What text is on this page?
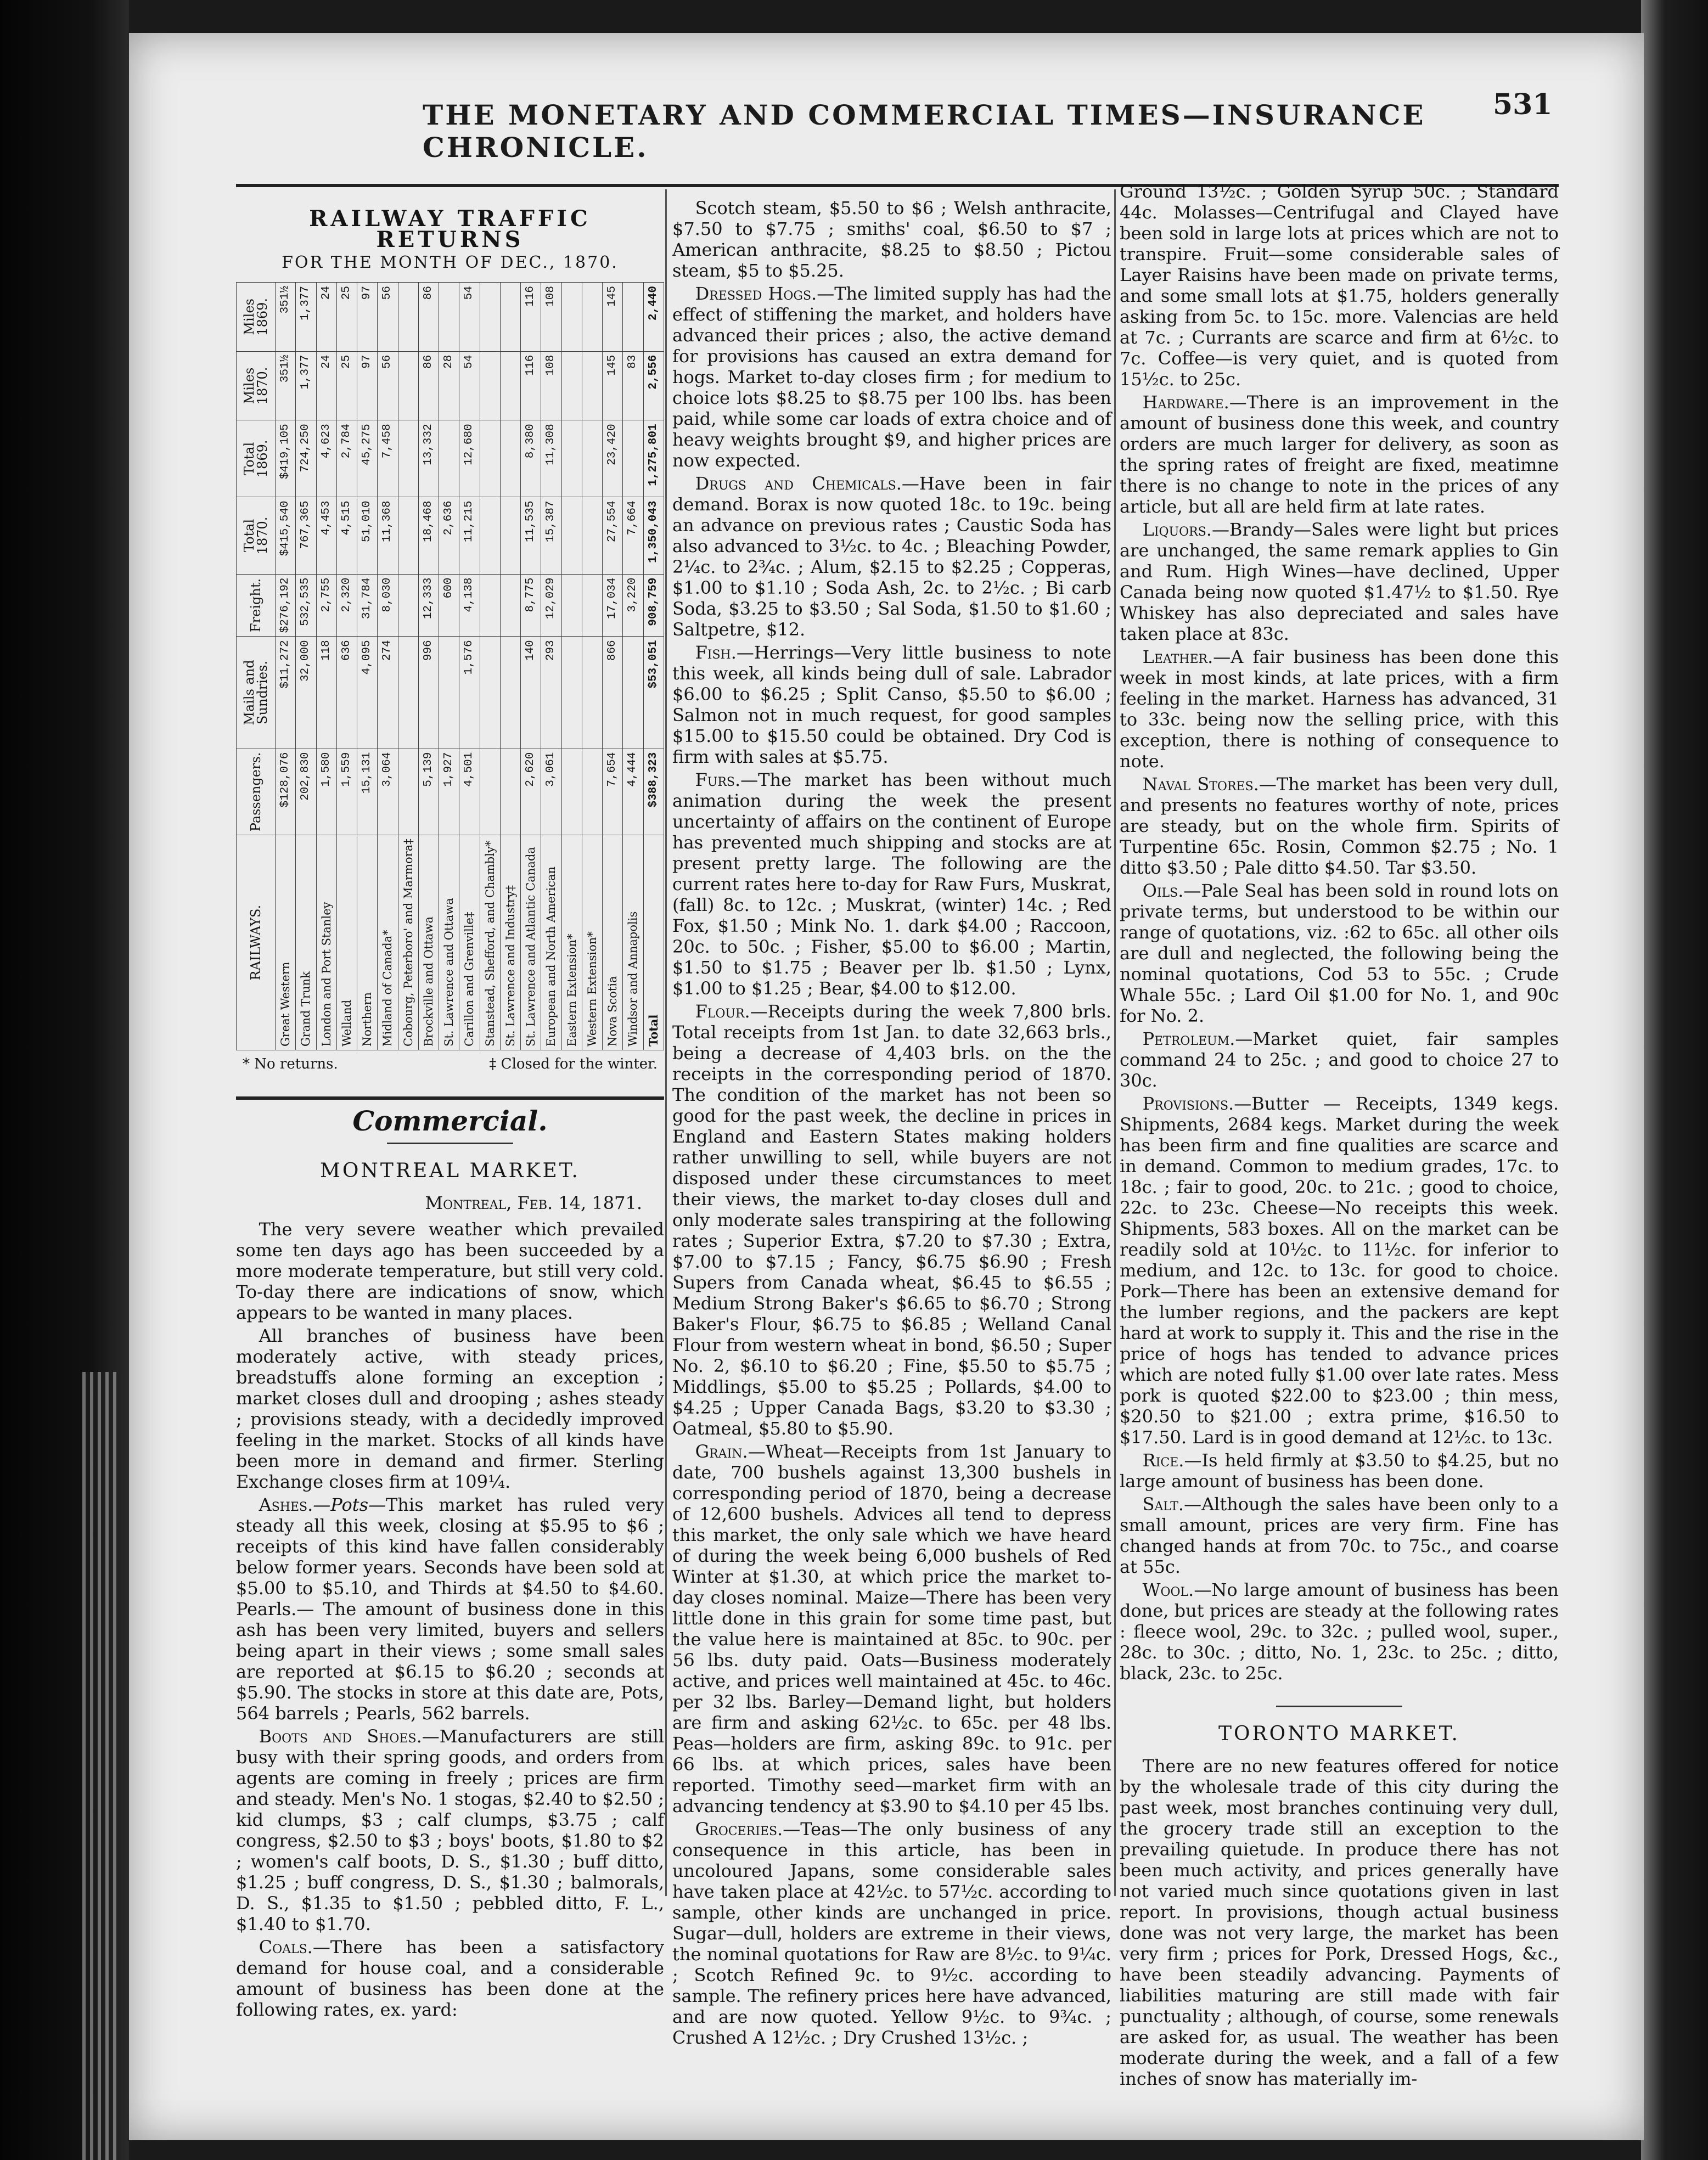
THE MONETARY AND COMMERCIAL TIMES—INSURANCE CHRONICLE.
531
RAILWAY TRAFFIC RETURNS
FOR THE MONTH OF DEC., 1870.
RAILWAYS.	Passengers.	Mails and Sundries.	Freight.	Total 1870.	Total 1869.	Miles 1870.	Miles 1869.
Great Western	$128,076	$11,272	$276,192	$415,540	$419,105	351½	351½
Grand Trunk	202,830	32,000	532,535	767,365	724,250	1,377	1,377
London and Port Stanley	1,580	118	2,755	4,453	4,623	24	24
Welland	1,559	636	2,320	4,515	2,784	25	25
Northern	15,131	4,095	31,784	51,010	45,275	97	97
Midland of Canada*	3,064	274	8,030	11,368	7,458	56	56
Cobourg, Peterboro' and Marmora‡							
Brockville and Ottawa	5,139	996	12,333	18,468	13,332	86	86
St. Lawrence and Ottawa	1,927		600	2,636		28	
Carillon and Grenville‡	4,501	1,576	4,138	11,215	12,680	54	54
Stanstead, Shefford, and Chambly*							
St. Lawrence and Industry‡							
St. Lawrence and Atlantic Canada	2,620	140	8,775	11,535	8,380	116	116
European and North American	3,061	293	12,029	15,387	11,308	108	108
Eastern Extension*							
Western Extension*							
Nova Scotia	7,654	866	17,034	27,554	23,420	145	145
Windsor and Annapolis	4,444		3,220	7,664		83	
Total	$388,323	$53,051	908,759	1,350,043	1,275,801	2,556	2,440
* No returns.	‡ Closed for the winter.
Commercial.
MONTREAL MARKET.
Montreal, Feb. 14, 1871.

The very severe weather which prevailed some ten days ago has been succeeded by a more moderate temperature, but still very cold. To-day there are indications of snow, which appears to be wanted in many places.

All branches of business have been moderately active, with steady prices, breadstuffs alone forming an exception ; market closes dull and drooping ; ashes steady ; provisions steady, with a decidedly improved feeling in the market. Stocks of all kinds have been more in demand and firmer. Sterling Exchange closes firm at 109¼.

Ashes.—Pots—This market has ruled very steady all this week, closing at $5.95 to $6 ; receipts of this kind have fallen considerably below former years. Seconds have been sold at $5.00 to $5.10, and Thirds at $4.50 to $4.60. Pearls.— The amount of business done in this ash has been very limited, buyers and sellers being apart in their views ; some small sales are reported at $6.15 to $6.20 ; seconds at $5.90. The stocks in store at this date are, Pots, 564 barrels ; Pearls, 562 barrels.

Boots and Shoes.—Manufacturers are still busy with their spring goods, and orders from agents are coming in freely ; prices are firm and steady. Men's No. 1 stogas, $2.40 to $2.50 ; kid clumps, $3 ; calf clumps, $3.75 ; calf congress, $2.50 to $3 ; boys' boots, $1.80 to $2 ; women's calf boots, D. S., $1.30 ; buff ditto, $1.25 ; buff congress, D. S., $1.30 ; balmorals, D. S., $1.35 to $1.50 ; pebbled ditto, F. L., $1.40 to $1.70.

Coals.—There has been a satisfactory demand for house coal, and a considerable amount of business has been done at the following rates, ex. yard:

Scotch steam, $5.50 to $6 ; Welsh anthracite, $7.50 to $7.75 ; smiths' coal, $6.50 to $7 ; American anthracite, $8.25 to $8.50 ; Pictou steam, $5 to $5.25.

Dressed Hogs.—The limited supply has had the effect of stiffening the market, and holders have advanced their prices ; also, the active demand for provisions has caused an extra demand for hogs. Market to-day closes firm ; for medium to choice lots $8.25 to $8.75 per 100 lbs. has been paid, while some car loads of extra choice and of heavy weights brought $9, and higher prices are now expected.

Drugs and Chemicals.—Have been in fair demand. Borax is now quoted 18c. to 19c. being an advance on previous rates ; Caustic Soda has also advanced to 3½c. to 4c. ; Bleaching Powder, 2¼c. to 2¾c. ; Alum, $2.15 to $2.25 ; Copperas, $1.00 to $1.10 ; Soda Ash, 2c. to 2½c. ; Bi carb Soda, $3.25 to $3.50 ; Sal Soda, $1.50 to $1.60 ; Saltpetre, $12.

Fish.—Herrings—Very little business to note this week, all kinds being dull of sale. Labrador $6.00 to $6.25 ; Split Canso, $5.50 to $6.00 ; Salmon not in much request, for good samples $15.00 to $15.50 could be obtained. Dry Cod is firm with sales at $5.75.

Furs.—The market has been without much animation during the week the present uncertainty of affairs on the continent of Europe has prevented much shipping and stocks are at present pretty large. The following are the current rates here to-day for Raw Furs, Muskrat, (fall) 8c. to 12c. ; Muskrat, (winter) 14c. ; Red Fox, $1.50 ; Mink No. 1. dark $4.00 ; Raccoon, 20c. to 50c. ; Fisher, $5.00 to $6.00 ; Martin, $1.50 to $1.75 ; Beaver per lb. $1.50 ; Lynx, $1.00 to $1.25 ; Bear, $4.00 to $12.00.

Flour.—Receipts during the week 7,800 brls. Total receipts from 1st Jan. to date 32,663 brls., being a decrease of 4,403 brls. on the the receipts in the corresponding period of 1870. The condition of the market has not been so good for the past week, the decline in prices in England and Eastern States making holders rather unwilling to sell, while buyers are not disposed under these circumstances to meet their views, the market to-day closes dull and only moderate sales transpiring at the following rates ; Superior Extra, $7.20 to $7.30 ; Extra, $7.00 to $7.15 ; Fancy, $6.75 $6.90 ; Fresh Supers from Canada wheat, $6.45 to $6.55 ; Medium Strong Baker's $6.65 to $6.70 ; Strong Baker's Flour, $6.75 to $6.85 ; Welland Canal Flour from western wheat in bond, $6.50 ; Super No. 2, $6.10 to $6.20 ; Fine, $5.50 to $5.75 ; Middlings, $5.00 to $5.25 ; Pollards, $4.00 to $4.25 ; Upper Canada Bags, $3.20 to $3.30 ; Oatmeal, $5.80 to $5.90.

Grain.—Wheat—Receipts from 1st January to date, 700 bushels against 13,300 bushels in corresponding period of 1870, being a decrease of 12,600 bushels. Advices all tend to depress this market, the only sale which we have heard of during the week being 6,000 bushels of Red Winter at $1.30, at which price the market to-day closes nominal. Maize—There has been very little done in this grain for some time past, but the value here is maintained at 85c. to 90c. per 56 lbs. duty paid. Oats—Business moderately active, and prices well maintained at 45c. to 46c. per 32 lbs. Barley—Demand light, but holders are firm and asking 62½c. to 65c. per 48 lbs. Peas—holders are firm, asking 89c. to 91c. per 66 lbs. at which prices, sales have been reported. Timothy seed—market firm with an advancing tendency at $3.90 to $4.10 per 45 lbs.

Groceries.—Teas—The only business of any consequence in this article, has been in uncoloured Japans, some considerable sales have taken place at 42½c. to 57½c. according to sample, other kinds are unchanged in price. Sugar—dull, holders are extreme in their views, the nominal quotations for Raw are 8½c. to 9¼c. ; Scotch Refined 9c. to 9½c. according to sample. The refinery prices here have advanced, and are now quoted. Yellow 9½c. to 9¾c. ; Crushed A 12½c. ; Dry Crushed 13½c. ;

Ground 13½c. ; Golden Syrup 50c. ; Standard 44c. Molasses—Centrifugal and Clayed have been sold in large lots at prices which are not to transpire. Fruit—some considerable sales of Layer Raisins have been made on private terms, and some small lots at $1.75, holders generally asking from 5c. to 15c. more. Valencias are held at 7c. ; Currants are scarce and firm at 6½c. to 7c. Coffee—is very quiet, and is quoted from 15½c. to 25c.

Hardware.—There is an improvement in the amount of business done this week, and country orders are much larger for delivery, as soon as the spring rates of freight are fixed, meatimne there is no change to note in the prices of any article, but all are held firm at late rates.

Liquors.—Brandy—Sales were light but prices are unchanged, the same remark applies to Gin and Rum. High Wines—have declined, Upper Canada being now quoted $1.47½ to $1.50. Rye Whiskey has also depreciated and sales have taken place at 83c.

Leather.—A fair business has been done this week in most kinds, at late prices, with a firm feeling in the market. Harness has advanced, 31 to 33c. being now the selling price, with this exception, there is nothing of consequence to note.

Naval Stores.—The market has been very dull, and presents no features worthy of note, prices are steady, but on the whole firm. Spirits of Turpentine 65c. Rosin, Common $2.75 ; No. 1 ditto $3.50 ; Pale ditto $4.50. Tar $3.50.

Oils.—Pale Seal has been sold in round lots on private terms, but understood to be within our range of quotations, viz. :62 to 65c. all other oils are dull and neglected, the following being the nominal quotations, Cod 53 to 55c. ; Crude Whale 55c. ; Lard Oil $1.00 for No. 1, and 90c for No. 2.

Petroleum.—Market quiet, fair samples command 24 to 25c. ; and good to choice 27 to 30c.

Provisions.—Butter — Receipts, 1349 kegs. Shipments, 2684 kegs. Market during the week has been firm and fine qualities are scarce and in demand. Common to medium grades, 17c. to 18c. ; fair to good, 20c. to 21c. ; good to choice, 22c. to 23c. Cheese—No receipts this week. Shipments, 583 boxes. All on the market can be readily sold at 10½c. to 11½c. for inferior to medium, and 12c. to 13c. for good to choice. Pork—There has been an extensive demand for the lumber regions, and the packers are kept hard at work to supply it. This and the rise in the price of hogs has tended to advance prices which are noted fully $1.00 over late rates. Mess pork is quoted $22.00 to $23.00 ; thin mess, $20.50 to $21.00 ; extra prime, $16.50 to $17.50. Lard is in good demand at 12½c. to 13c.

Rice.—Is held firmly at $3.50 to $4.25, but no large amount of business has been done.

Salt.—Although the sales have been only to a small amount, prices are very firm. Fine has changed hands at from 70c. to 75c., and coarse at 55c.

Wool.—No large amount of business has been done, but prices are steady at the following rates : fleece wool, 29c. to 32c. ; pulled wool, super., 28c. to 30c. ; ditto, No. 1, 23c. to 25c. ; ditto, black, 23c. to 25c.

TORONTO MARKET.

There are no new features offered for notice by the wholesale trade of this city during the past week, most branches continuing very dull, the grocery trade still an exception to the prevailing quietude. In produce there has not been much activity, and prices generally have not varied much since quotations given in last report. In provisions, though actual business done was not very large, the market has been very firm ; prices for Pork, Dressed Hogs, &c., have been steadily advancing. Payments of liabilities maturing are still made with fair punctuality ; although, of course, some renewals are asked for, as usual. The weather has been moderate during the week, and a fall of a few inches of snow has materially im-
